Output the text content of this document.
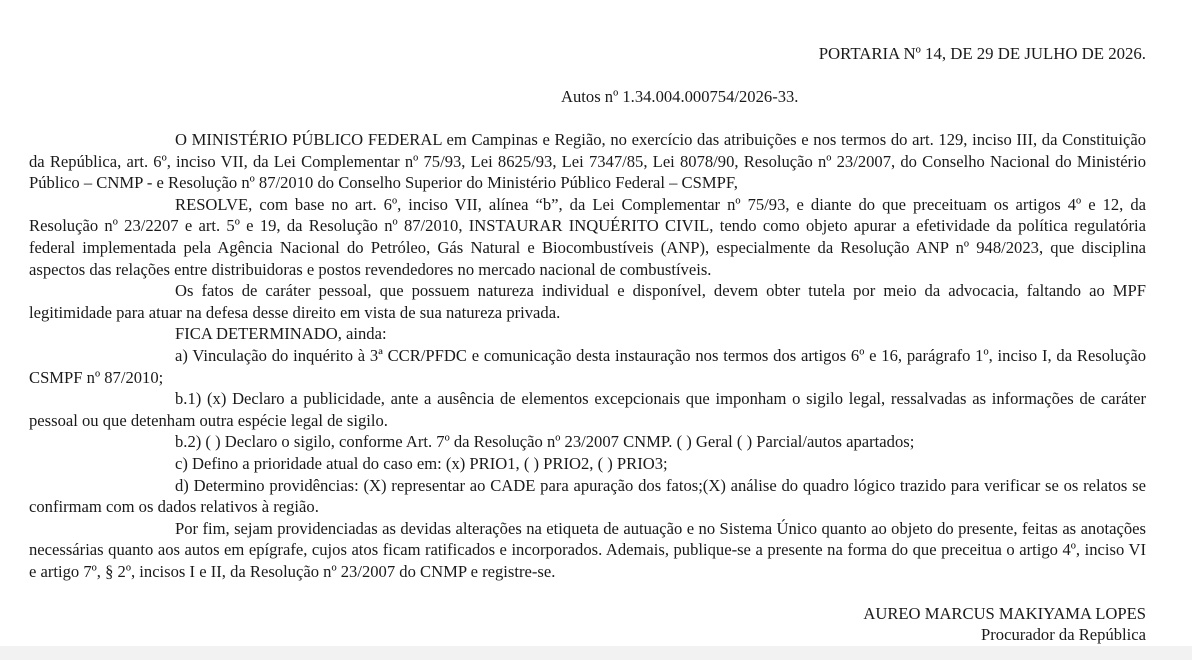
PORTARIA Nº 14, DE 29 DE JULHO DE 2026.
Autos nº 1.34.004.000754/2026-33.

O MINISTÉRIO PÚBLICO FEDERAL em Campinas e Região, no exercício das atribuições e nos termos do art. 129, inciso III, da Constituição da República, art. 6º, inciso VII, da Lei Complementar nº 75/93, Lei 8625/93, Lei 7347/85, Lei 8078/90, Resolução nº 23/2007, do Conselho Nacional do Ministério Público – CNMP - e Resolução nº 87/2010 do Conselho Superior do Ministério Público Federal – CSMPF,

RESOLVE, com base no art. 6º, inciso VII, alínea “b”, da Lei Complementar nº 75/93, e diante do que preceituam os artigos 4º e 12, da Resolução nº 23/2207 e art. 5º e 19, da Resolução nº 87/2010, INSTAURAR INQUÉRITO CIVIL, tendo como objeto apurar a efetividade da política regulatória federal implementada pela Agência Nacional do Petróleo, Gás Natural e Biocombustíveis (ANP), especialmente da Resolução ANP nº 948/2023, que disciplina aspectos das relações entre distribuidoras e postos revendedores no mercado nacional de combustíveis.

Os fatos de caráter pessoal, que possuem natureza individual e disponível, devem obter tutela por meio da advocacia, faltando ao MPF legitimidade para atuar na defesa desse direito em vista de sua natureza privada.

FICA DETERMINADO, ainda:

a) Vinculação do inquérito à 3ª CCR/PFDC e comunicação desta instauração nos termos dos artigos 6º e 16, parágrafo 1º, inciso I, da Resolução CSMPF nº 87/2010;

b.1) (x) Declaro a publicidade, ante a ausência de elementos excepcionais que imponham o sigilo legal, ressalvadas as informações de caráter pessoal ou que detenham outra espécie legal de sigilo.

b.2) ( ) Declaro o sigilo, conforme Art. 7º da Resolução nº 23/2007 CNMP. ( ) Geral ( ) Parcial/autos apartados;

c) Defino a prioridade atual do caso em: (x) PRIO1, ( ) PRIO2, ( ) PRIO3;

d) Determino providências: (X) representar ao CADE para apuração dos fatos;(X) análise do quadro lógico trazido para verificar se os relatos se confirmam com os dados relativos à região.

Por fim, sejam providenciadas as devidas alterações na etiqueta de autuação e no Sistema Único quanto ao objeto do presente, feitas as anotações necessárias quanto aos autos em epígrafe, cujos atos ficam ratificados e incorporados. Ademais, publique-se a presente na forma do que preceitua o artigo 4º, inciso VI e artigo 7º, § 2º, incisos I e II, da Resolução nº 23/2007 do CNMP e registre-se.

AUREO MARCUS MAKIYAMA LOPES
Procurador da República
